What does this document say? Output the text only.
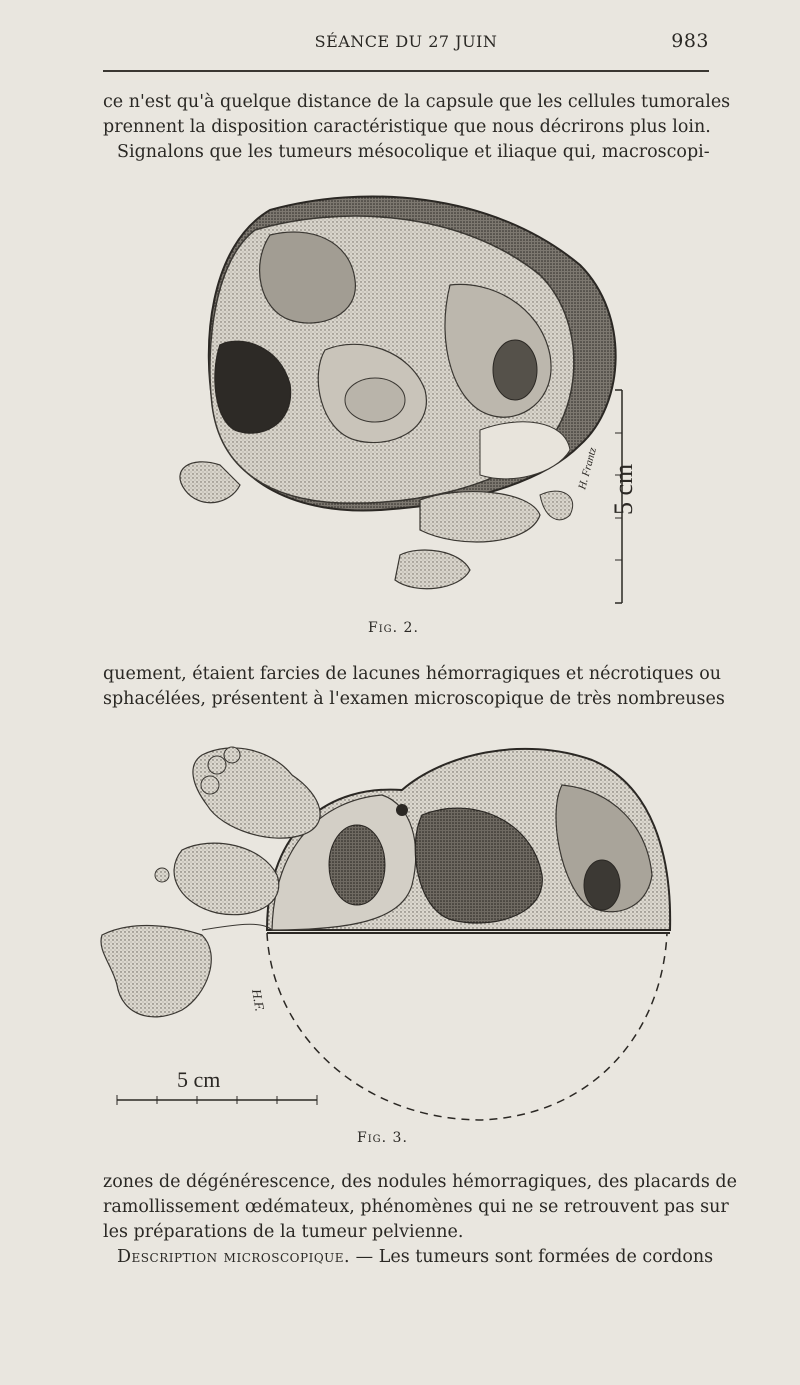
SÉANCE DU 27 JUIN	983
ce n'est qu'à quelque distance de la capsule que les cellules tumorales
prennent la disposition caractéristique que nous décrirons plus loin.
Signalons que les tumeurs mésocolique et iliaque qui, macroscopi-
5 cm
H. Frantz
Fig. 2.
quement, étaient farcies de lacunes hémorragiques et nécrotiques ou
sphacélées, présentent à l'examen microscopique de très nombreuses
H.F.
5 cm
Fig. 3.
zones de dégénérescence, des nodules hémorragiques, des placards de
ramollissement œdémateux, phénomènes qui ne se retrouvent pas sur
les préparations de la tumeur pelvienne.
Description microscopique. — Les tumeurs sont formées de cordons
